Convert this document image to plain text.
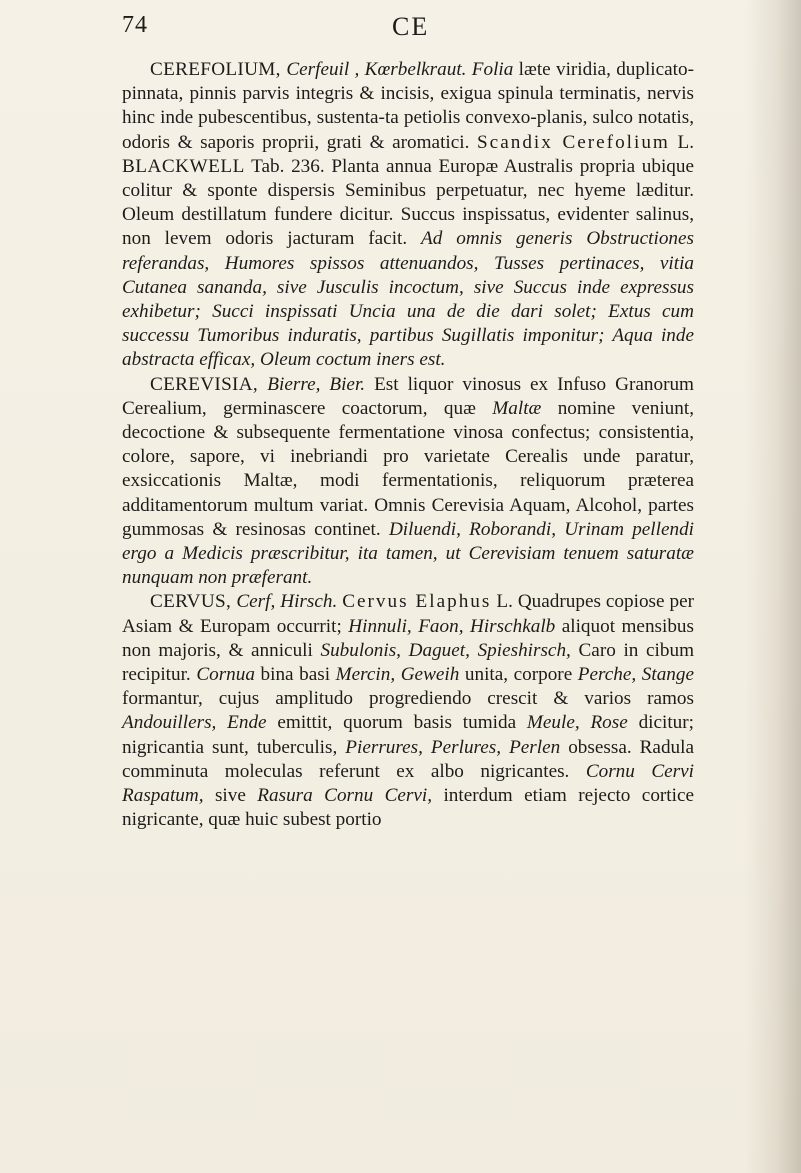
74	CE

CEREFOLIUM, Cerfeuil , Kœrbelkraut. Folia læte viridia, duplicato-pinnata, pinnis parvis integris & incisis, exigua spinula terminatis, nervis hinc inde pubescentibus, sustenta-ta petiolis convexo-planis, sulco notatis, odoris & saporis proprii, grati & aromatici. Scandix Cerefolium L. BLACKWELL Tab. 236. Planta annua Europæ Australis propria ubique colitur & sponte dispersis Seminibus perpetuatur, nec hyeme læditur. Oleum destillatum fundere dicitur. Succus inspissatus, evidenter salinus, non levem odoris jacturam facit. Ad omnis generis Obstructiones referandas, Humores spissos attenuandos, Tusses pertinaces, vitia Cutanea sananda, sive Jusculis incoctum, sive Succus inde expressus exhibetur; Succi inspissati Uncia una de die dari solet; Extus cum successu Tumoribus induratis, partibus Sugillatis imponitur; Aqua inde abstracta efficax, Oleum coctum iners est.

CEREVISIA, Bierre, Bier. Est liquor vinosus ex Infuso Granorum Cerealium, germinascere coactorum, quæ Maltæ nomine veniunt, decoctione & subsequente fermentatione vinosa confectus; consistentia, colore, sapore, vi inebriandi pro varietate Cerealis unde paratur, exsiccationis Maltæ, modi fermentationis, reliquorum præterea additamentorum multum variat. Omnis Cerevisia Aquam, Alcohol, partes gummosas & resinosas continet. Diluendi, Roborandi, Urinam pellendi ergo a Medicis præscribitur, ita tamen, ut Cerevisiam tenuem saturatæ nunquam non præferant.

CERVUS, Cerf, Hirsch. Cervus Elaphus L. Quadrupes copiose per Asiam & Europam occurrit; Hinnuli, Faon, Hirschkalb aliquot mensibus non majoris, & anniculi Subulonis, Daguet, Spieshirsch, Caro in cibum recipitur. Cornua bina basi Mercin, Geweih unita, corpore Perche, Stange formantur, cujus amplitudo progrediendo crescit & varios ramos Andouillers, Ende emittit, quorum basis tumida Meule, Rose dicitur; nigricantia sunt, tuberculis, Pierrures, Perlures, Perlen obsessa. Radula comminuta moleculas referunt ex albo nigricantes. Cornu Cervi Raspatum, sive Rasura Cornu Cervi, interdum etiam rejecto cortice nigricante, quæ huic subest portio
